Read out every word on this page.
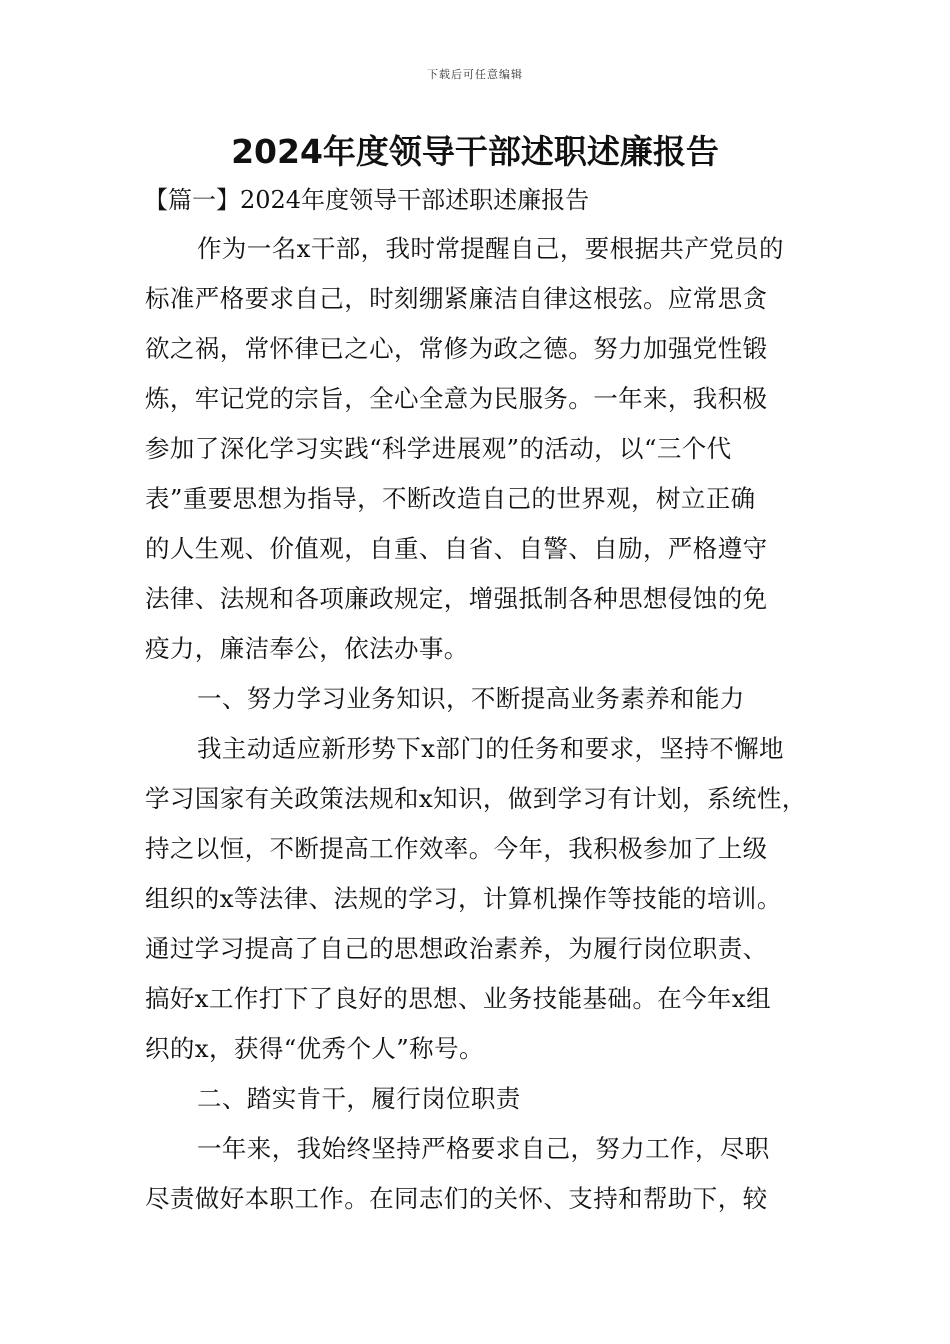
下载后可任意编辑
2024年度领导干部述职述廉报告
【篇一】2024年度领导干部述职述廉报告
作为一名x干部，我时常提醒自己，要根据共产党员的
标准严格要求自己，时刻绷紧廉洁自律这根弦。应常思贪
欲之祸，常怀律已之心，常修为政之德。努力加强党性锻
炼，牢记党的宗旨，全心全意为民服务。一年来，我积极
参加了深化学习实践“科学进展观”的活动，以“三个代
表”重要思想为指导，不断改造自己的世界观，树立正确
的人生观、价值观，自重、自省、自警、自励，严格遵守
法律、法规和各项廉政规定，增强抵制各种思想侵蚀的免
疫力，廉洁奉公，依法办事。
一、努力学习业务知识，不断提高业务素养和能力
我主动适应新形势下x部门的任务和要求，坚持不懈地
学习国家有关政策法规和x知识，做到学习有计划，系统性，
持之以恒，不断提高工作效率。今年，我积极参加了上级
组织的x等法律、法规的学习，计算机操作等技能的培训。
通过学习提高了自己的思想政治素养，为履行岗位职责、
搞好x工作打下了良好的思想、业务技能基础。在今年x组
织的x，获得“优秀个人”称号。
二、踏实肯干，履行岗位职责
一年来，我始终坚持严格要求自己，努力工作，尽职
尽责做好本职工作。在同志们的关怀、支持和帮助下，较
